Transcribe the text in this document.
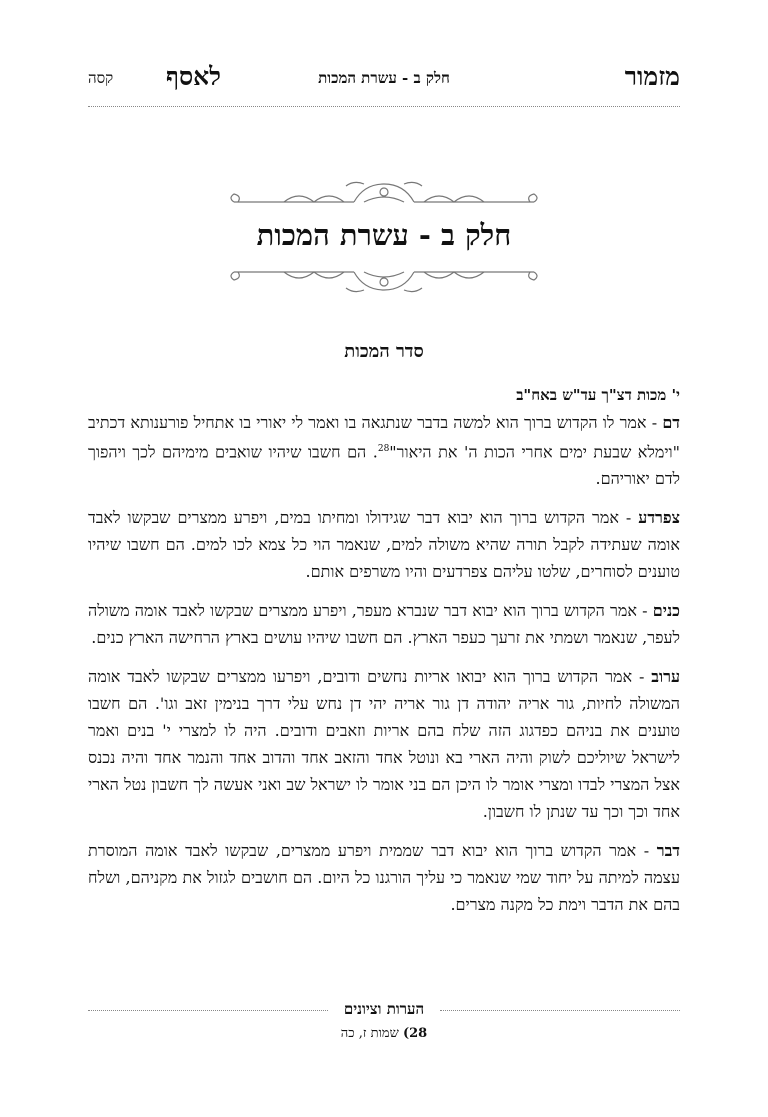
מזמור
חלק ב - עשרת המכות
לאסף
קסה
חלק ב - עשרת המכות
סדר המכות
י' מכות דצ"ך עד"ש באח"ב

דם - אמר לו הקדוש ברוך הוא למשה בדבר שנתגאה בו ואמר לי יאורי בו אתחיל פורענותא דכתיב "וימלא שבעת ימים אחרי הכות ה' את היאור"$^{28}$. הם חשבו שיהיו שואבים מימיהם לכך ויהפוך לדם יאוריהם.

צפרדע - אמר הקדוש ברוך הוא יבוא דבר שגידולו ומחיתו במים, ויפרע ממצרים שבקשו לאבד אומה שעתידה לקבל תורה שהיא משולה למים, שנאמר הוי כל צמא לכו למים. הם חשבו שיהיו טוענים לסוחרים, שלטו עליהם צפרדעים והיו משרפים אותם.

כנים - אמר הקדוש ברוך הוא יבוא דבר שנברא מעפר, ויפרע ממצרים שבקשו לאבד אומה משולה לעפר, שנאמר ושמתי את זרעך כעפר הארץ. הם חשבו שיהיו עושים בארץ הרחישה הארץ כנים.

ערוב - אמר הקדוש ברוך הוא יבואו אריות נחשים ודובים, ויפרעו ממצרים שבקשו לאבד אומה המשולה לחיות, גור אריה יהודה דן גור אריה יהי דן נחש עלי דרך בנימין זאב וגו'. הם חשבו טוענים את בניהם כפדגוג הזה שלח בהם אריות וזאבים ודובים. היה לו למצרי י' בנים ואמר לישראל שיוליכם לשוק והיה הארי בא ונוטל אחד והזאב אחד והדוב אחד והנמר אחד והיה נכנס אצל המצרי לבדו ומצרי אומר לו היכן הם בני אומר לו ישראל שב ואני אעשה לך חשבון נטל הארי אחד וכך וכך עד שנתן לו חשבון.

דבר - אמר הקדוש ברוך הוא יבוא דבר שממית ויפרע ממצרים, שבקשו לאבד אומה המוסרת עצמה למיתה על יחוד שמי שנאמר כי עליך הורגנו כל היום. הם חושבים לגזול את מקניהם, ושלח בהם את הדבר וימת כל מקנה מצרים.

הערות וציונים
28) שמות ז, כה
